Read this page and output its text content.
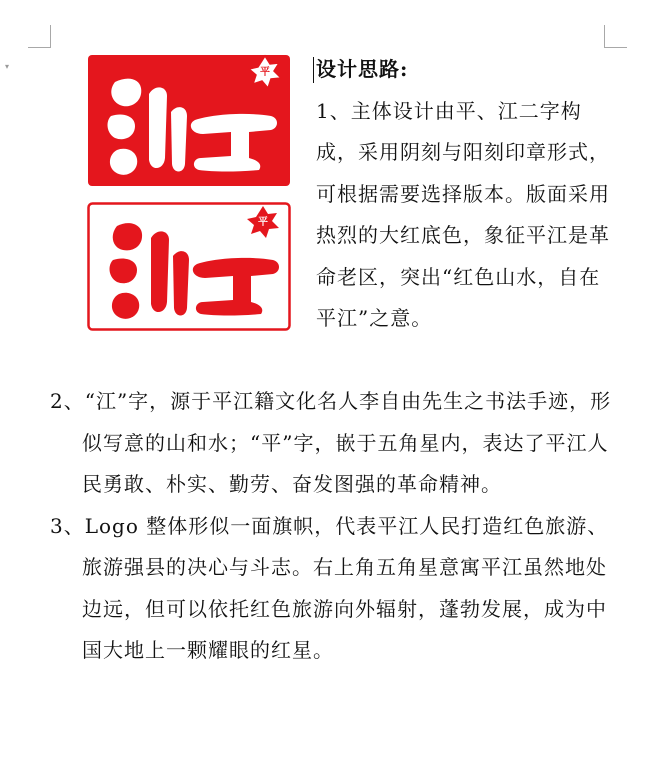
▾
平
平
设计思路:
1、主体设计由平、江二字构成，采用阴刻与阳刻印章形式，可根据需要选择版本。版面采用热烈的大红底色，象征平江是革命老区，突出“红色山水，自在平江”之意。
2、“江”字，源于平江籍文化名人李自由先生之书法手迹，形似写意的山和水；“平”字，嵌于五角星内，表达了平江人民勇敢、朴实、勤劳、奋发图强的革命精神。
3、Logo 整体形似一面旗帜，代表平江人民打造红色旅游、旅游强县的决心与斗志。右上角五角星意寓平江虽然地处边远，但可以依托红色旅游向外辐射，蓬勃发展，成为中国大地上一颗耀眼的红星。
